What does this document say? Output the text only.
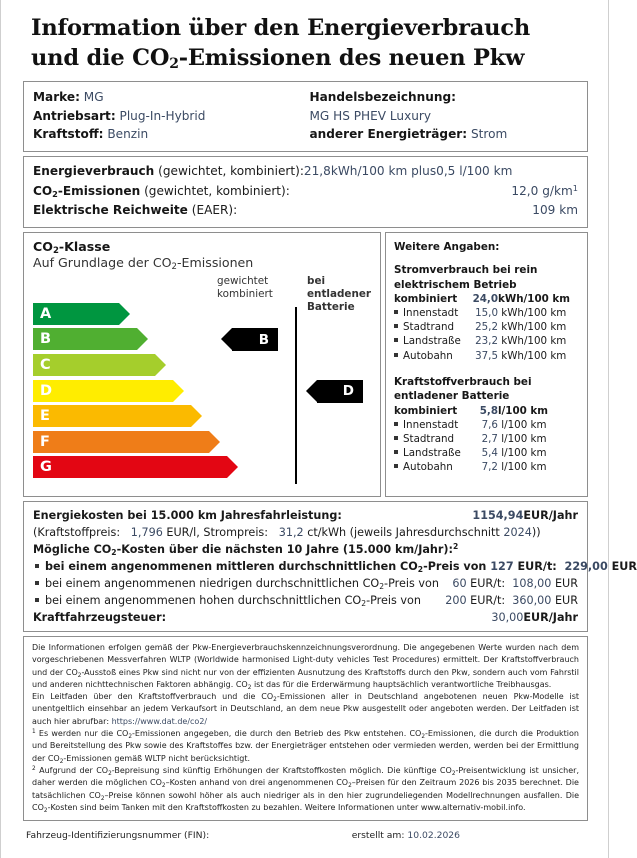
Information über den Energieverbrauch
und die $CO_2$-Emissionen des neuen Pkw
Marke: MG
Antriebsart: Plug-In-Hybrid
Kraftstoff: Benzin
Handelsbezeichnung:
MG HS PHEV Luxury
anderer Energieträger: Strom
Energieverbrauch (gewichtet, kombiniert): 21,8kWh/100 km plus0,5 l/100 km
$CO_2$-Emissionen (gewichtet, kombiniert):	12,0 $g/km^1$
Elektrische Reichweite (EAER):	109 km
$CO_2$-Klasse

Auf Grundlage der $CO_2$-Emissionen

gewichtet
kombiniert
bei entladener
Batterie
A
B
C
D
E
F
G
B
D
Weitere Angaben:
Stromverbrauch bei rein
elektrischem Betrieb
kombiniert	24,0 kWh/100 km
Innenstadt	15,0 kWh/100 km
Stadtrand	25,2 kWh/100 km
Landstraße	23,2 kWh/100 km
Autobahn	37,5 kWh/100 km
Kraftstoffverbrauch bei
entladener Batterie
kombiniert	5,8 l/100 km
Innenstadt	7,6 l/100 km
Stadtrand	2,7 l/100 km
Landstraße	5,4 l/100 km
Autobahn	7,2 l/100 km
Energiekosten bei 15.000 km Jahresfahrleistung:	1154,94 EUR/Jahr
(Kraftstoffpreis:
1,796
EUR/l, Strompreis:
31,2
ct/kWh (jeweils Jahresdurchschnitt
2024 ))
Mögliche $CO_2$ -Kosten über die nächsten 10 Jahre (15.000 km/Jahr):$^2$
bei einem angenommenen mittleren durchschnittlichen $CO_2$-Preis von 127 EUR/t: 229,00 EUR
bei einem angenommenen niedrigen durchschnittlichen $CO_2$-Preis von 60 EUR/t: 108,00 EUR
bei einem angenommenen hohen durchschnittlichen $CO_2$-Preis von 200 EUR/t: 360,00 EUR
Kraftfahrzeugsteuer:	30,00 EUR/Jahr

Die Informationen erfolgen gemäß der Pkw-Energieverbrauchskennzeichnungsverordnung. Die angegebenen Werte wurden nach dem vorgeschriebenen Messverfahren WLTP (Worldwide harmonised Light-duty vehicles Test Procedures) ermittelt. Der Kraftstoffverbrauch und der $CO_2$-Ausstoß eines Pkw sind nicht nur von der effizienten Ausnutzung des Kraftstoffs durch den Pkw, sondern auch vom Fahrstil und anderen nichttechnischen Faktoren abhängig. $CO_2$ ist das für die Erderwärmung hauptsächlich verantwortliche Treibhausgas.

Ein Leitfaden über den Kraftstoffverbrauch und die $CO_2$-Emissionen aller in Deutschland angebotenen neuen Pkw-Modelle ist unentgeltlich einsehbar an jedem Verkaufsort in Deutschland, an dem neue Pkw ausgestellt oder angeboten werden. Der Leitfaden ist auch hier abrufbar: https://www.dat.de/co2/

$^1$ Es werden nur die $CO_2$-Emissionen angegeben, die durch den Betrieb des Pkw entstehen. $CO_2$-Emissionen, die durch die Produktion und Bereitstellung des Pkw sowie des Kraftstoffes bzw. der Energieträger entstehen oder vermieden werden, werden bei der Ermittlung der $CO_2$-Emissionen gemäß WLTP nicht berücksichtigt.

$^2$ Aufgrund der $CO_2$-Bepreisung sind künftig Erhöhungen der Kraftstoffkosten möglich. Die künftige $CO_2$-Preisentwicklung ist unsicher, daher werden die möglichen $CO_2$–Kosten anhand von drei angenommenen $CO_2$–Preisen für den Zeitraum 2026 bis 2035 berechnet. Die tatsächlichen $CO_2$–Preise können sowohl höher als auch niedriger als in den hier zugrundeliegenden Modellrechnungen ausfallen. Die $CO_2$-Kosten sind beim Tanken mit den Kraftstoffkosten zu bezahlen. Weitere Informationen unter www.alternativ-mobil.info.

Fahrzeug-Identifizierungsnummer (FIN):	erstellt am: 10.02.2026
